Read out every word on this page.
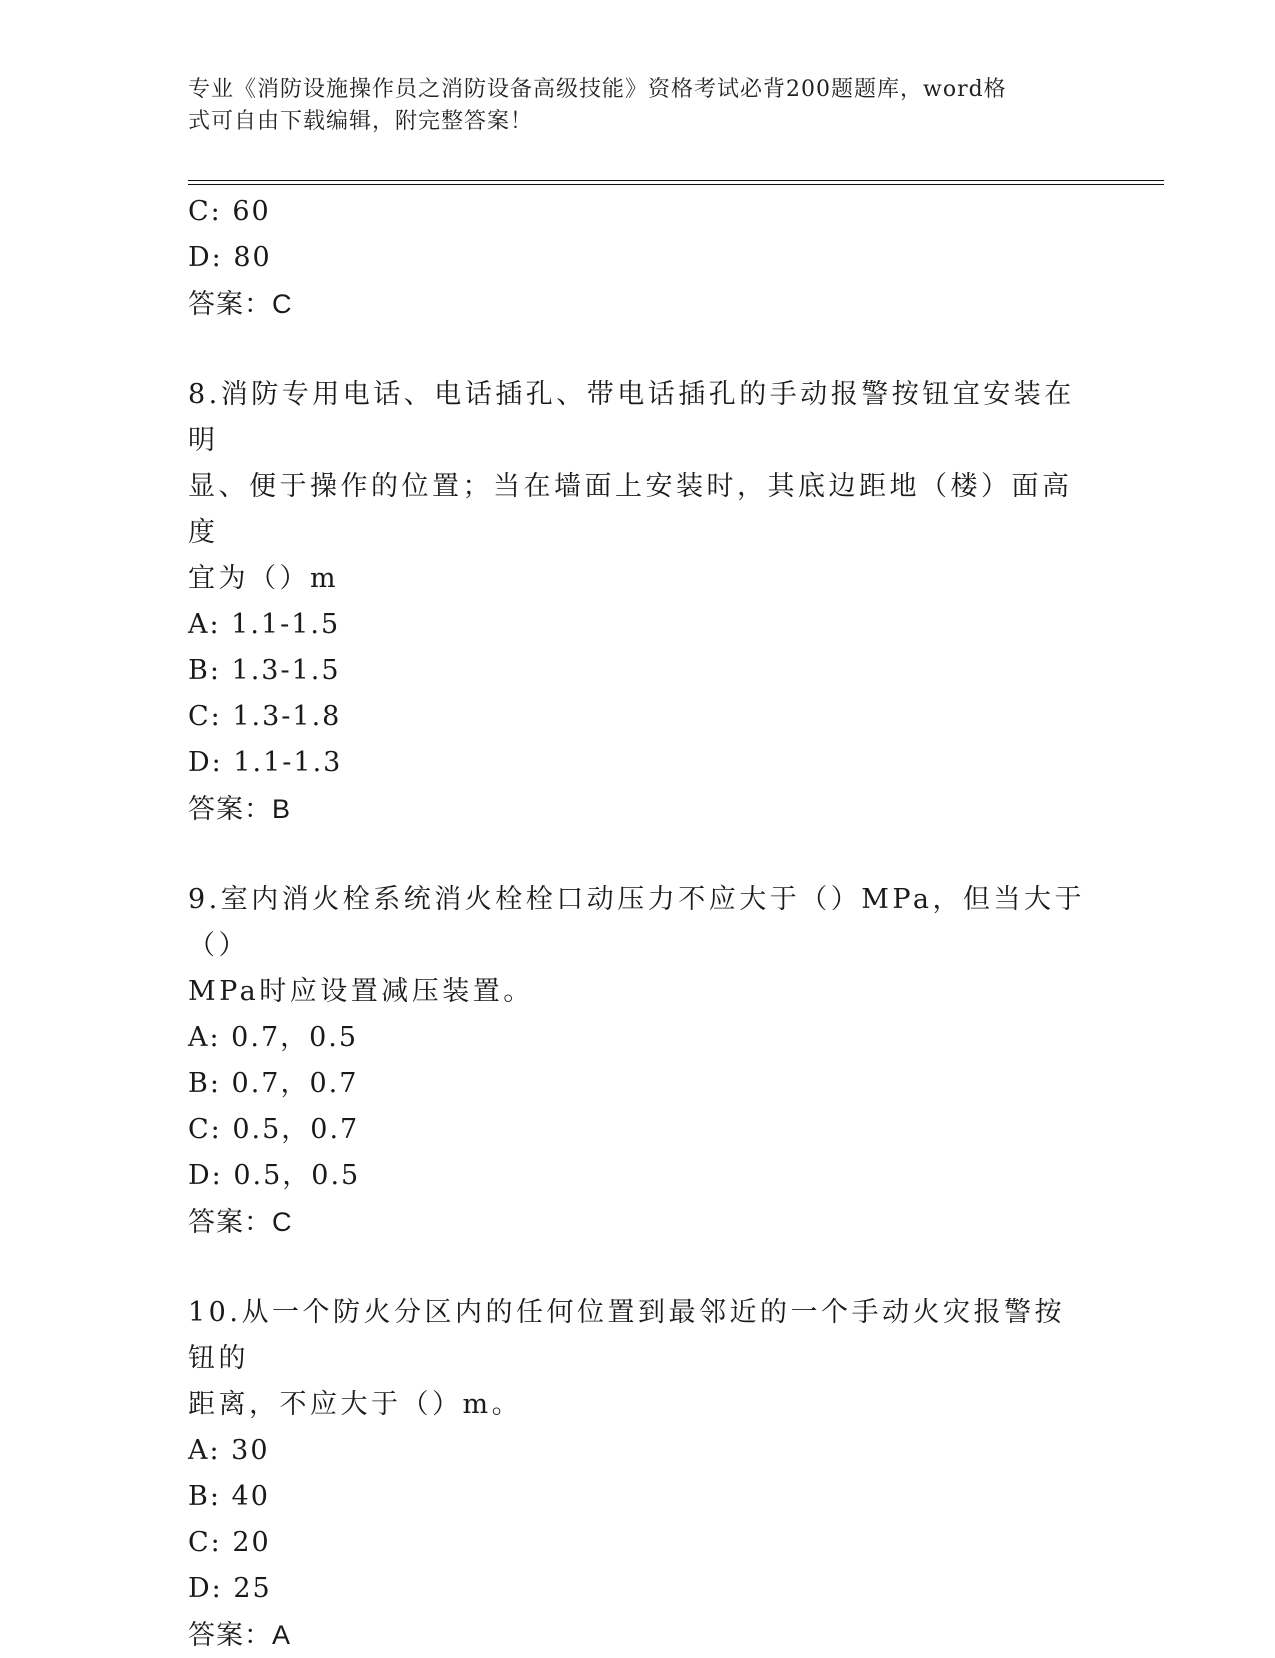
专业《消防设施操作员之消防设备高级技能》资格考试必背200题题库，word格
式可自由下载编辑，附完整答案！
C: 60
D: 80
答案：C
8.消防专用电话、电话插孔、带电话插孔的手动报警按钮宜安装在明
显、便于操作的位置；当在墙面上安装时，其底边距地（楼）面高度
宜为（）m
A: 1.1-1.5
B: 1.3-1.5
C: 1.3-1.8
D: 1.1-1.3
答案：B
9.室内消火栓系统消火栓栓口动压力不应大于（）MPa，但当大于（）
MPa时应设置减压装置。
A: 0.7，0.5
B: 0.7，0.7
C: 0.5，0.7
D: 0.5，0.5
答案：C
10.从一个防火分区内的任何位置到最邻近的一个手动火灾报警按钮的
距离，不应大于（）m。
A: 30
B: 40
C: 20
D: 25
答案：A
